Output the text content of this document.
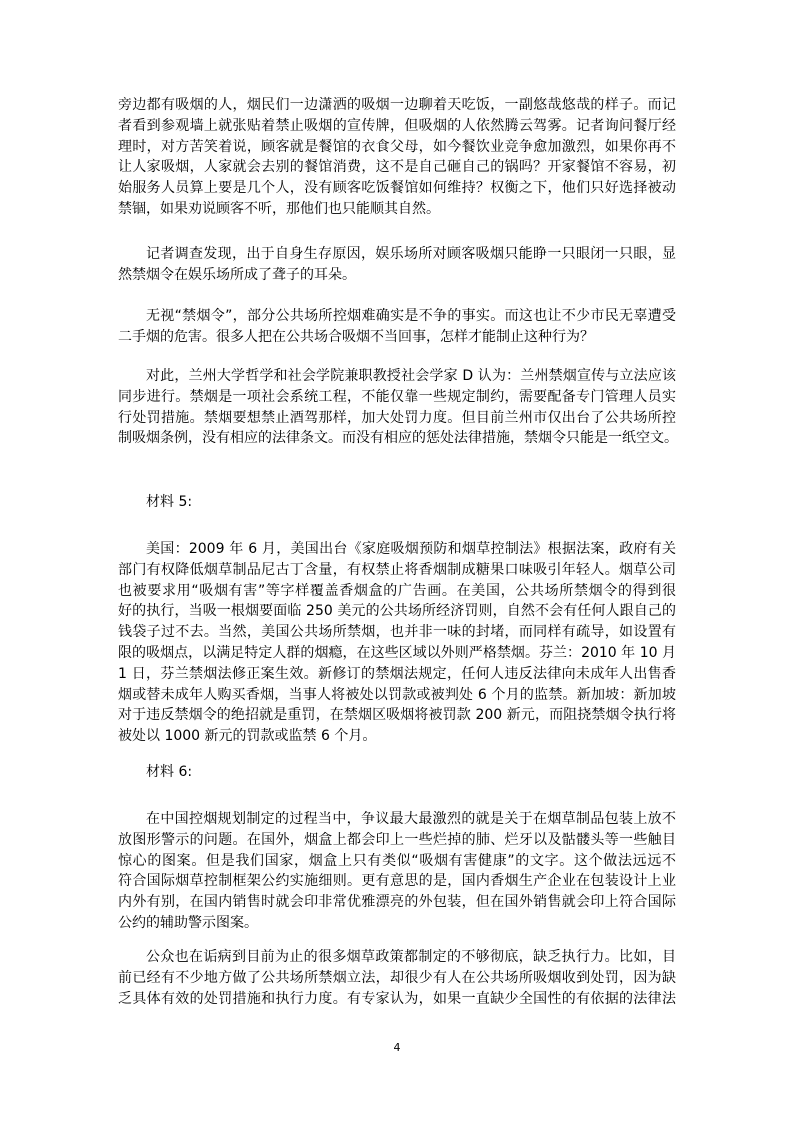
旁边都有吸烟的人，烟民们一边潇洒的吸烟一边聊着天吃饭，一副悠哉悠哉的样子。而记
者看到参观墙上就张贴着禁止吸烟的宣传牌，但吸烟的人依然腾云驾雾。记者询问餐厅经
理时，对方苦笑着说，顾客就是餐馆的衣食父母，如今餐饮业竞争愈加激烈，如果你再不
让人家吸烟，人家就会去别的餐馆消费，这不是自己砸自己的锅吗？开家餐馆不容易，初
始服务人员算上要是几个人，没有顾客吃饭餐馆如何维持？权衡之下，他们只好选择被动
禁锢，如果劝说顾客不听，那他们也只能顺其自然。
记者调查发现，出于自身生存原因，娱乐场所对顾客吸烟只能睁一只眼闭一只眼，显
然禁烟令在娱乐场所成了聋子的耳朵。
无视“禁烟令”，部分公共场所控烟难确实是不争的事实。而这也让不少市民无辜遭受
二手烟的危害。很多人把在公共场合吸烟不当回事，怎样才能制止这种行为？
对此，兰州大学哲学和社会学院兼职教授社会学家 D 认为：兰州禁烟宣传与立法应该
同步进行。禁烟是一项社会系统工程，不能仅靠一些规定制约，需要配备专门管理人员实
行处罚措施。禁烟要想禁止酒驾那样，加大处罚力度。但目前兰州市仅出台了公共场所控
制吸烟条例，没有相应的法律条文。而没有相应的惩处法律措施，禁烟令只能是一纸空文。
材料 5:
美国：2009 年 6 月，美国出台《家庭吸烟预防和烟草控制法》根据法案，政府有关
部门有权降低烟草制品尼古丁含量，有权禁止将香烟制成糖果口味吸引年轻人。烟草公司
也被要求用“吸烟有害”等字样覆盖香烟盒的广告画。在美国，公共场所禁烟令的得到很
好的执行，当吸一根烟要面临 250 美元的公共场所经济罚则，自然不会有任何人跟自己的
钱袋子过不去。当然，美国公共场所禁烟，也并非一味的封堵，而同样有疏导，如设置有
限的吸烟点，以满足特定人群的烟瘾，在这些区域以外则严格禁烟。芬兰：2010 年 10 月
1 日，芬兰禁烟法修正案生效。新修订的禁烟法规定，任何人违反法律向未成年人出售香
烟或替未成年人购买香烟，当事人将被处以罚款或被判处 6 个月的监禁。新加坡：新加坡
对于违反禁烟令的绝招就是重罚，在禁烟区吸烟将被罚款 200 新元，而阻挠禁烟令执行将
被处以 1000 新元的罚款或监禁 6 个月。
材料 6:
在中国控烟规划制定的过程当中，争议最大最激烈的就是关于在烟草制品包装上放不
放图形警示的问题。在国外，烟盒上都会印上一些烂掉的肺、烂牙以及骷髅头等一些触目
惊心的图案。但是我们国家，烟盒上只有类似“吸烟有害健康”的文字。这个做法远远不
符合国际烟草控制框架公约实施细则。更有意思的是，国内香烟生产企业在包装设计上业
内外有别，在国内销售时就会印非常优雅漂亮的外包装，但在国外销售就会印上符合国际
公约的辅助警示图案。
公众也在诟病到目前为止的很多烟草政策都制定的不够彻底，缺乏执行力。比如，目
前已经有不少地方做了公共场所禁烟立法，却很少有人在公共场所吸烟收到处罚，因为缺
乏具体有效的处罚措施和执行力度。有专家认为，如果一直缺少全国性的有依据的法律法
4
